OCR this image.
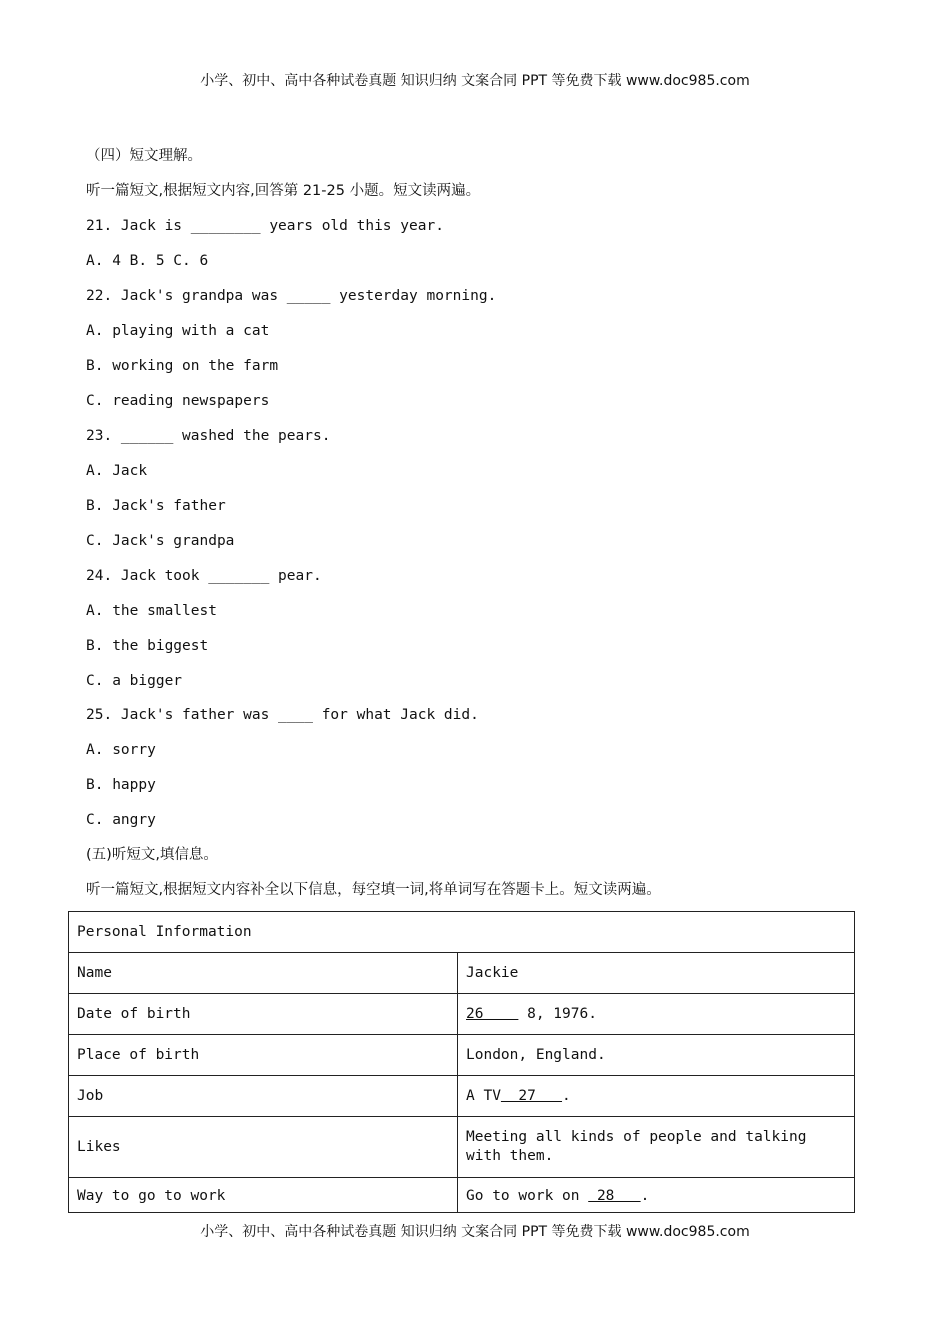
小学、初中、高中各种试卷真题 知识归纳 文案合同 PPT 等免费下载 www.doc985.com
（四）短文理解。
听一篇短文,根据短文内容,回答第 21-25 小题。短文读两遍。
21. Jack is ________ years old this year.
A. 4 B. 5 C. 6
22. Jack's grandpa was _____ yesterday morning.
A. playing with a cat
B. working on the farm
C. reading newspapers
23. ______ washed the pears.
A. Jack
B. Jack's father
C. Jack's grandpa
24. Jack took _______ pear.
A. the smallest
B. the biggest
C. a bigger
25. Jack's father was ____ for what Jack did.
A. sorry
B. happy
C. angry
(五)听短文,填信息。
听一篇短文,根据短文内容补全以下信息，每空填一词,将单词写在答题卡上。短文读两遍。
Personal Information	
Name	Jackie
Date of birth	26     8, 1976.
Place of birth	London, England.
Job	A TV  27   .
Likes	Meeting all kinds of people and talking with them.
Way to go to work	Go to work on  28   .
小学、初中、高中各种试卷真题 知识归纳 文案合同 PPT 等免费下载 www.doc985.com
